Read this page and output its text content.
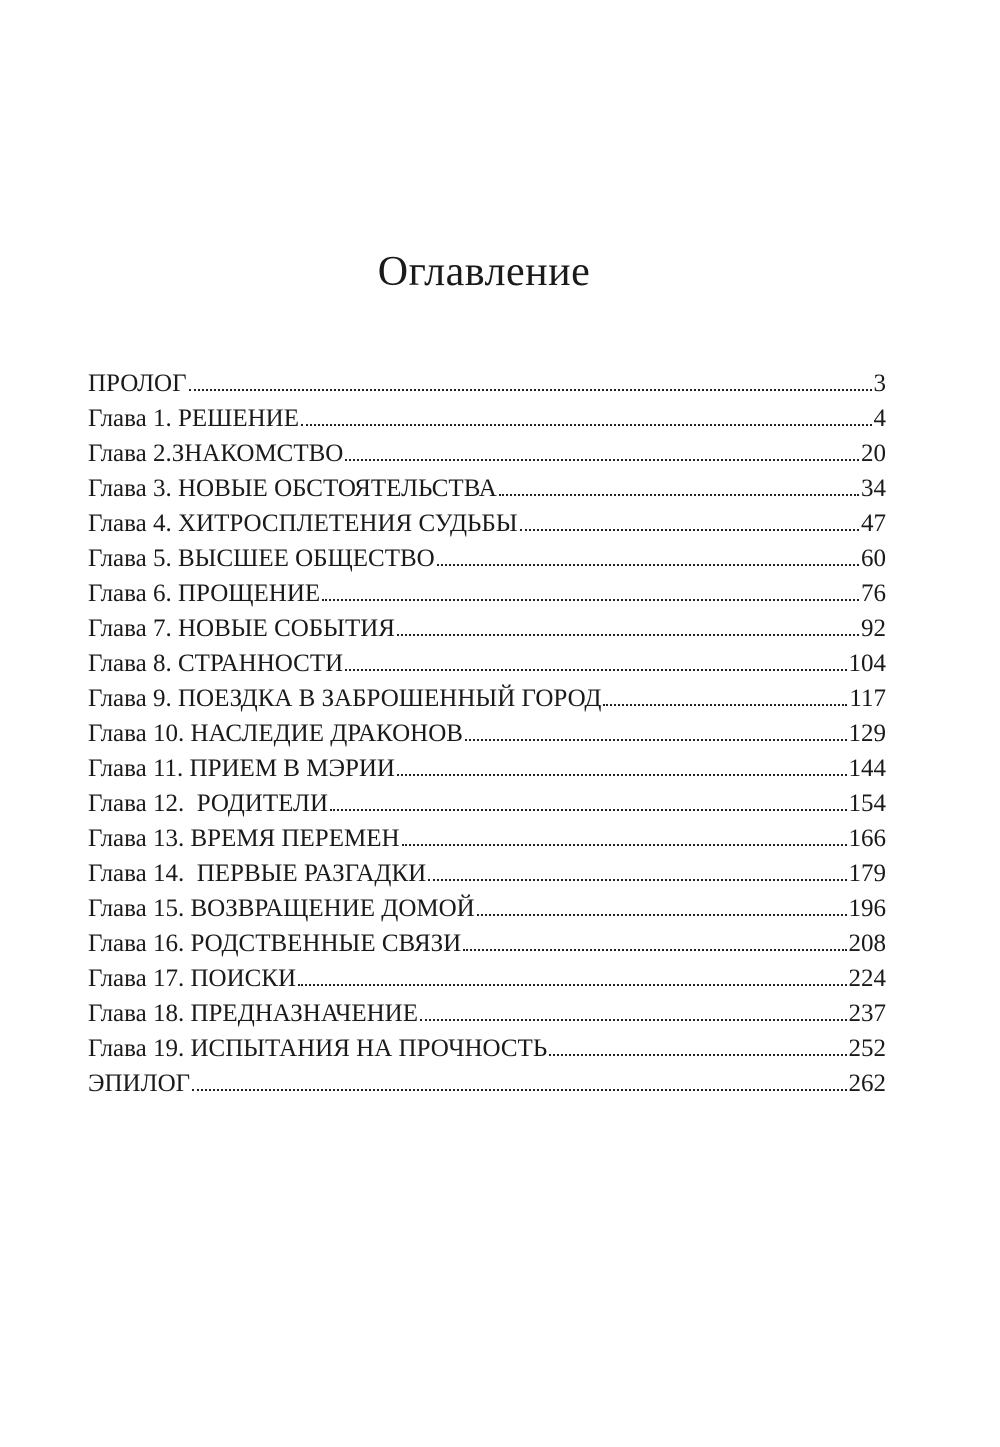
Оглавление
ПРОЛОГ	3
Глава 1. РЕШЕНИЕ	4
Глава 2.ЗНАКОМСТВО	20
Глава 3. НОВЫЕ ОБСТОЯТЕЛЬСТВА	34
Глава 4. ХИТРОСПЛЕТЕНИЯ СУДЬБЫ	47
Глава 5. ВЫСШЕЕ ОБЩЕСТВО	60
Глава 6. ПРОЩЕНИЕ	76
Глава 7. НОВЫЕ СОБЫТИЯ	92
Глава 8. СТРАННОСТИ	104
Глава 9. ПОЕЗДКА В ЗАБРОШЕННЫЙ ГОРОД	117
Глава 10. НАСЛЕДИЕ ДРАКОНОВ	129
Глава 11. ПРИЕМ В МЭРИИ	144
Глава 12.  РОДИТЕЛИ	154
Глава 13. ВРЕМЯ ПЕРЕМЕН	166
Глава 14.  ПЕРВЫЕ РАЗГАДКИ	179
Глава 15. ВОЗВРАЩЕНИЕ ДОМОЙ	196
Глава 16. РОДСТВЕННЫЕ СВЯЗИ	208
Глава 17. ПОИСКИ	224
Глава 18. ПРЕДНАЗНАЧЕНИЕ	237
Глава 19. ИСПЫТАНИЯ НА ПРОЧНОСТЬ	252
ЭПИЛОГ	262
